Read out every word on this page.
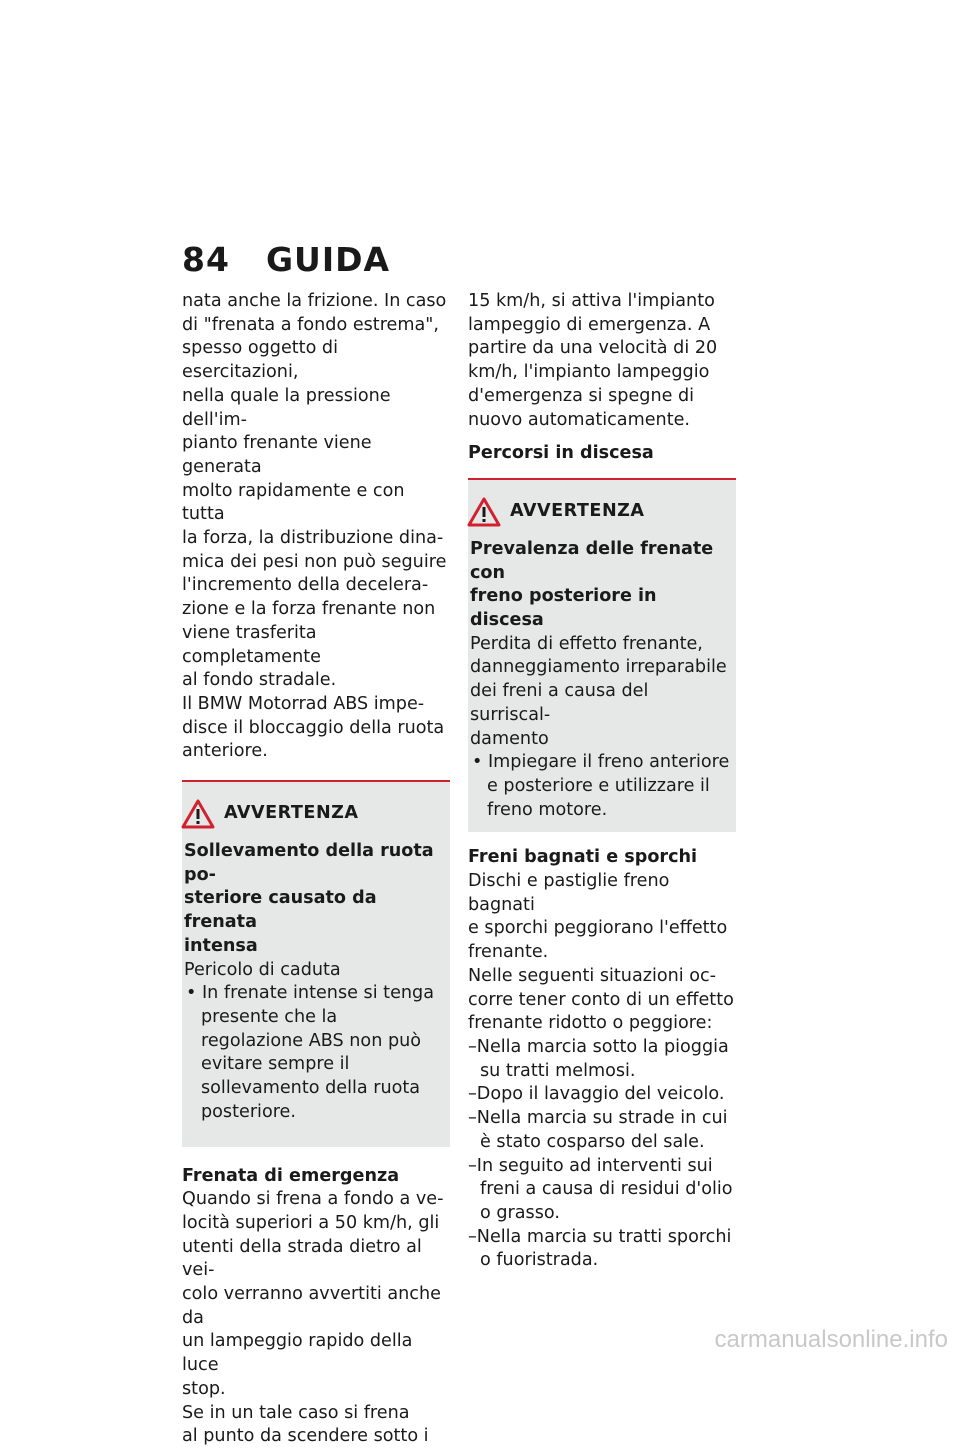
84 GUIDA

nata anche la frizione. In caso
di "frenata a fondo estrema",
spesso oggetto di esercitazioni,
nella quale la pressione dell'im-
pianto frenante viene generata
molto rapidamente e con tutta
la forza, la distribuzione dina-
mica dei pesi non può seguire
l'incremento della decelera-
zione e la forza frenante non
viene trasferita completamente
al fondo stradale.

Il BMW Motorrad ABS impe-
disce il bloccaggio della ruota
anteriore.

AVVERTENZA

Sollevamento della ruota po-
steriore causato da frenata
intensa

Pericolo di caduta

• In frenate intense si tenga presente che la regolazione ABS non può evitare sempre il sollevamento della ruota posteriore.

Frenata di emergenza

Quando si frena a fondo a ve-
locità superiori a 50 km/h, gli
utenti della strada dietro al vei-
colo verranno avvertiti anche da
un lampeggio rapido della luce
stop.

Se in un tale caso si frena
al punto da scendere sotto i

15 km/h, si attiva l'impianto
lampeggio di emergenza. A
partire da una velocità di 20
km/h, l'impianto lampeggio
d'emergenza si spegne di
nuovo automaticamente.

Percorsi in discesa

AVVERTENZA

Prevalenza delle frenate con
freno posteriore in discesa

Perdita di effetto frenante,
danneggiamento irreparabile
dei freni a causa del surriscal-
damento

• Impiegare il freno anteriore e posteriore e utilizzare il freno motore.

Freni bagnati e sporchi

Dischi e pastiglie freno bagnati
e sporchi peggiorano l'effetto
frenante.

Nelle seguenti situazioni oc-
corre tener conto di un effetto
frenante ridotto o peggiore:

–Nella marcia sotto la pioggia su tratti melmosi.

–Dopo il lavaggio del veicolo.

–Nella marcia su strade in cui è stato cosparso del sale.

–In seguito ad interventi sui freni a causa di residui d'olio o grasso.

–Nella marcia su tratti sporchi o fuoristrada.

carmanualsonline.info
